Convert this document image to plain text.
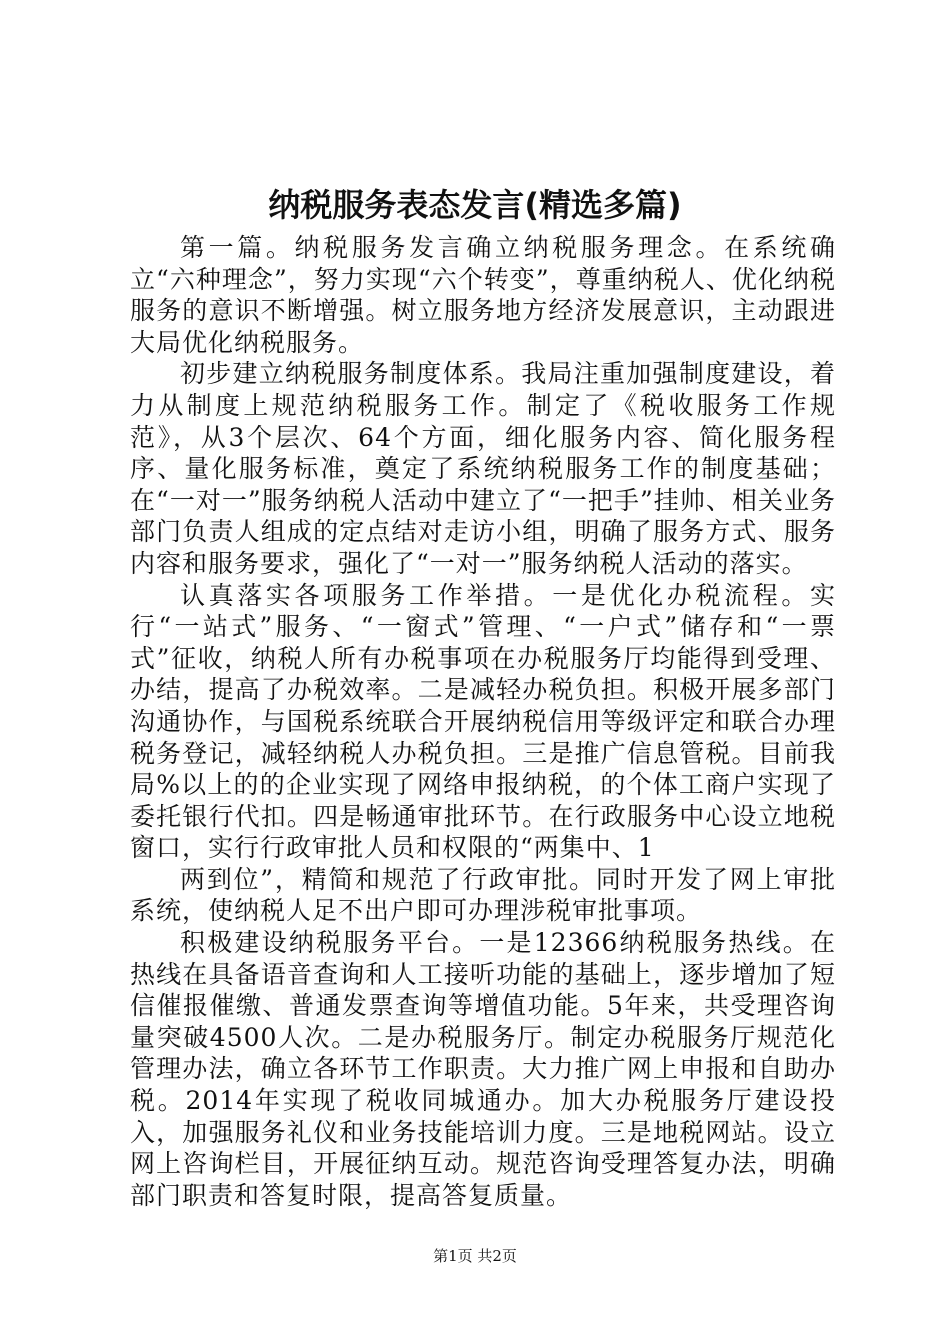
纳税服务表态发言(精选多篇)

第一篇。纳税服务发言确立纳税服务理念。在系统确立“六种理念”，努力实现“六个转变”，尊重纳税人、优化纳税服务的意识不断增强。树立服务地方经济发展意识，主动跟进大局优化纳税服务。

初步建立纳税服务制度体系。我局注重加强制度建设，着力从制度上规范纳税服务工作。制定了《税收服务工作规范》，从3个层次、64个方面，细化服务内容、简化服务程序、量化服务标准，奠定了系统纳税服务工作的制度基础；在“一对一”服务纳税人活动中建立了“一把手”挂帅、相关业务部门负责人组成的定点结对走访小组，明确了服务方式、服务内容和服务要求，强化了“一对一”服务纳税人活动的落实。

认真落实各项服务工作举措。一是优化办税流程。实行“一站式”服务、“一窗式”管理、“一户式”储存和“一票式”征收，纳税人所有办税事项在办税服务厅均能得到受理、办结，提高了办税效率。二是减轻办税负担。积极开展多部门沟通协作，与国税系统联合开展纳税信用等级评定和联合办理税务登记，减轻纳税人办税负担。三是推广信息管税。目前我局%以上的的企业实现了网络申报纳税，的个体工商户实现了委托银行代扣。四是畅通审批环节。在行政服务中心设立地税窗口，实行行政审批人员和权限的“两集中、1

两到位”，精简和规范了行政审批。同时开发了网上审批系统，使纳税人足不出户即可办理涉税审批事项。

积极建设纳税服务平台。一是12366纳税服务热线。在热线在具备语音查询和人工接听功能的基础上，逐步增加了短信催报催缴、普通发票查询等增值功能。5年来，共受理咨询量突破4500人次。二是办税服务厅。制定办税服务厅规范化管理办法，确立各环节工作职责。大力推广网上申报和自助办税。2014年实现了税收同城通办。加大办税服务厅建设投入，加强服务礼仪和业务技能培训力度。三是地税网站。设立网上咨询栏目，开展征纳互动。规范咨询受理答复办法，明确部门职责和答复时限，提高答复质量。

第1页 共2页
